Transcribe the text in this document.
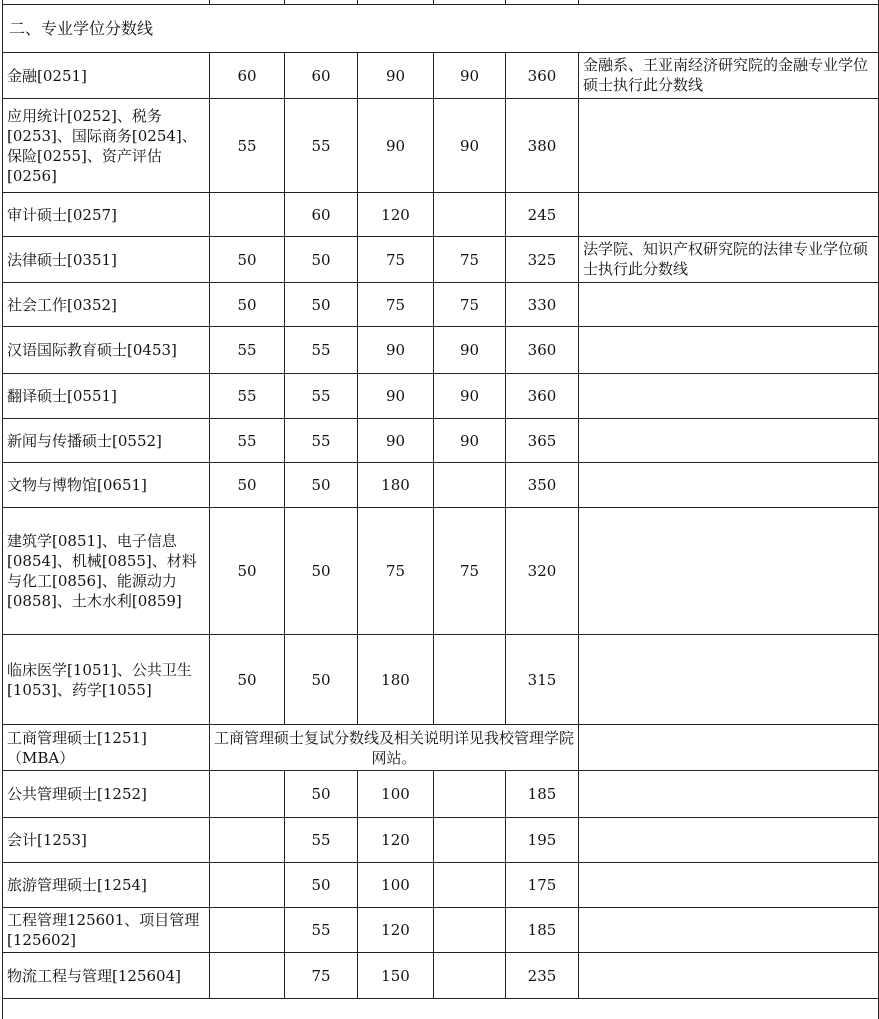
二、专业学位分数线						
金融[0251]	60	60	90	90	360	金融系、王亚南经济研究院的金融专业学位硕士执行此分数线
应用统计[0252]、税务[0253]、国际商务[0254]、保险[0255]、资产评估[0256]	55	55	90	90	380	
审计硕士[0257]		60	120		245	
法律硕士[0351]	50	50	75	75	325	法学院、知识产权研究院的法律专业学位硕士执行此分数线
社会工作[0352]	50	50	75	75	330	
汉语国际教育硕士[0453]	55	55	90	90	360	
翻译硕士[0551]	55	55	90	90	360	
新闻与传播硕士[0552]	55	55	90	90	365	
文物与博物馆[0651]	50	50	180		350	
建筑学[0851]、电子信息[0854]、机械[0855]、材料与化工[0856]、能源动力[0858]、土木水利[0859]	50	50	75	75	320	
临床医学[1051]、公共卫生[1053]、药学[1055]	50	50	180		315	
工商管理硕士[1251]（MBA）	工商管理硕士复试分数线及相关说明详见我校管理学院网站。					
公共管理硕士[1252]		50	100		185	
会计[1253]		55	120		195	
旅游管理硕士[1254]		50	100		175	
工程管理125601、项目管理[125602]		55	120		185	
物流工程与管理[125604]		75	150		235	
